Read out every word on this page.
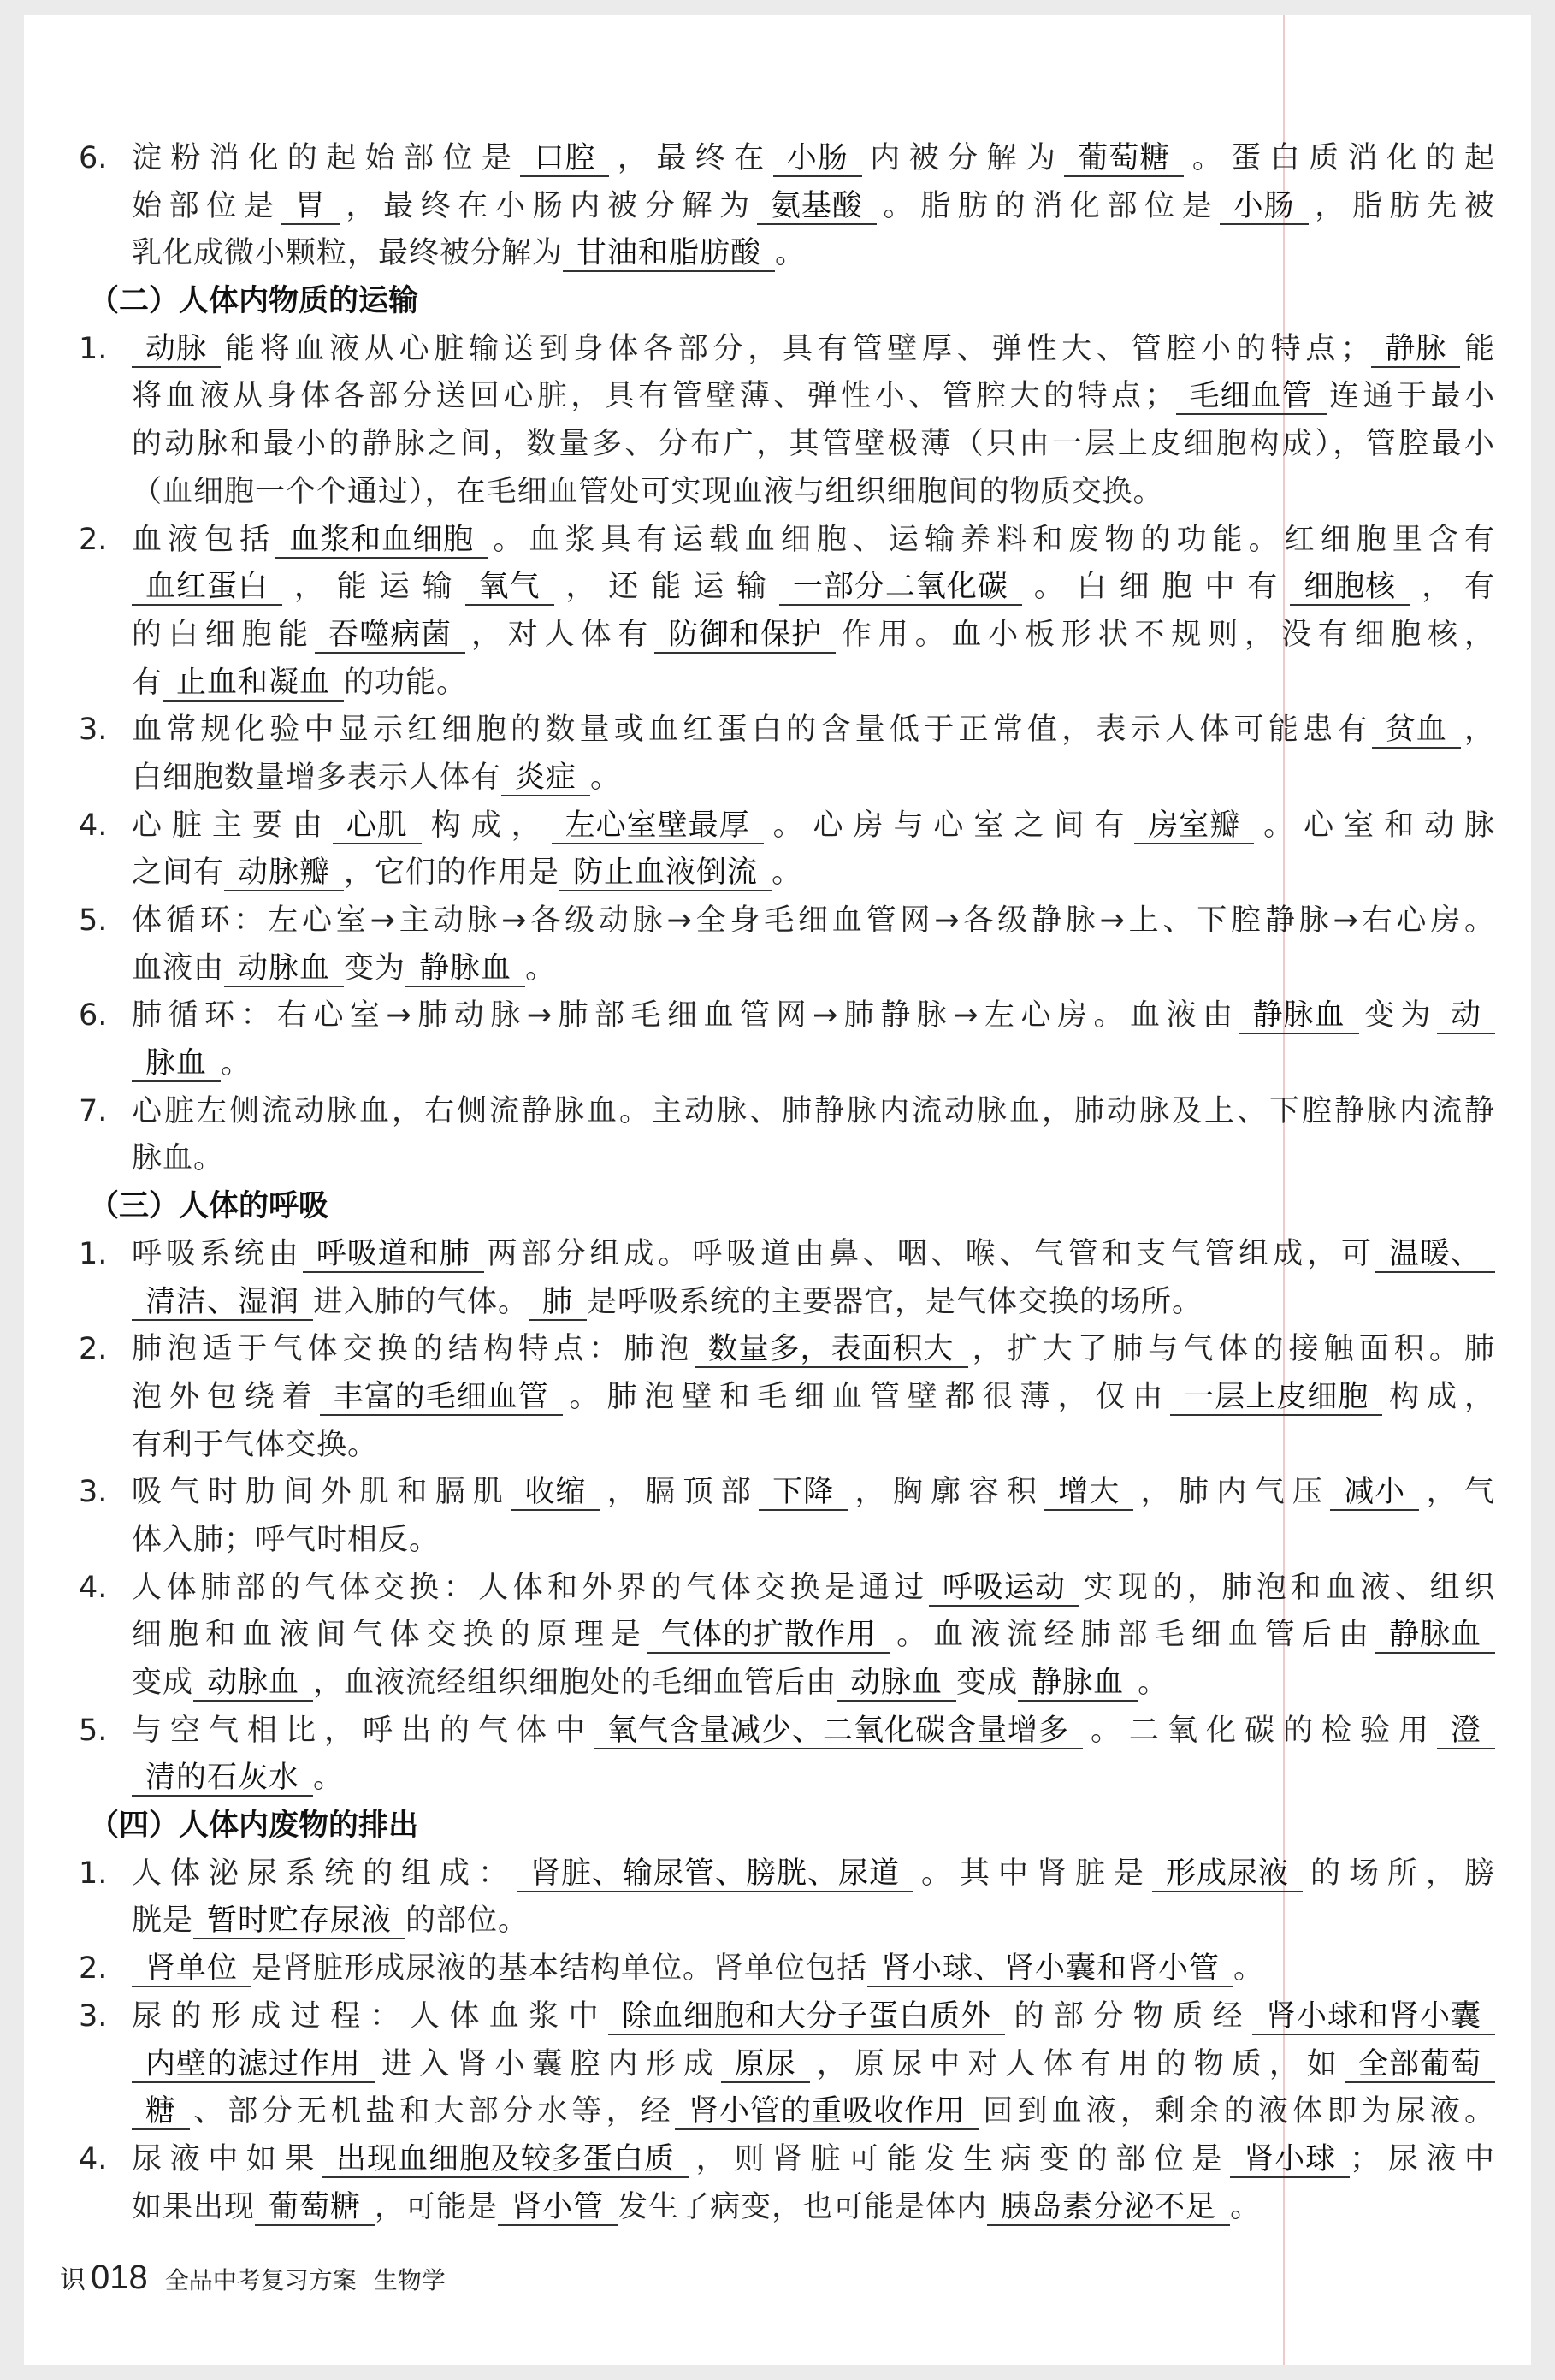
6. 淀粉消化的起始部位是 口腔 ，最终在 小肠 内被分解为 葡萄糖 。蛋白质消化的起
始部位是 胃 ，最终在小肠内被分解为 氨基酸 。脂肪的消化部位是 小肠 ，脂肪先被
乳化成微小颗粒，最终被分解为 甘油和脂肪酸 。
（二）人体内物质的运输
1.	动脉 能将血液从心脏输送到身体各部分，具有管壁厚、弹性大、管腔小的特点； 静脉 能
将血液从身体各部分送回心脏，具有管壁薄、弹性小、管腔大的特点； 毛细血管 连通于最小
的动脉和最小的静脉之间，数量多、分布广，其管壁极薄（只由一层上皮细胞构成），管腔最小
（血细胞一个个通过），在毛细血管处可实现血液与组织细胞间的物质交换。
2. 血液包括 血浆和血细胞 。血浆具有运载血细胞、运输养料和废物的功能。红细胞里含有
血红蛋白 ，能运输 氧气 ，还能运输 一部分二氧化碳 。白细胞中有 细胞核 ，有
的白细胞能 吞噬病菌 ，对人体有 防御和保护 作用。血小板形状不规则，没有细胞核，
有 止血和凝血 的功能。
3. 血常规化验中显示红细胞的数量或血红蛋白的含量低于正常值，表示人体可能患有 贫血 ，
白细胞数量增多表示人体有 炎症 。
4. 心脏主要由 心肌 构成， 左心室壁最厚 。心房与心室之间有 房室瓣 。心室和动脉
之间有 动脉瓣 ，它们的作用是 防止血液倒流 。
5. 体循环：左心室→主动脉→各级动脉→全身毛细血管网→各级静脉→上、下腔静脉→右心房。
血液由 动脉血 变为 静脉血 。
6. 肺循环：右心室→肺动脉→肺部毛细血管网→肺静脉→左心房。血液由 静脉血 变为 动
脉血 。
7. 心脏左侧流动脉血，右侧流静脉血。主动脉、肺静脉内流动脉血，肺动脉及上、下腔静脉内流静
脉血。
（三）人体的呼吸
1. 呼吸系统由 呼吸道和肺 两部分组成。呼吸道由鼻、咽、喉、气管和支气管组成，可 温暖、
清洁、湿润 进入肺的气体。 肺 是呼吸系统的主要器官，是气体交换的场所。
2. 肺泡适于气体交换的结构特点：肺泡 数量多，表面积大 ，扩大了肺与气体的接触面积。肺
泡外包绕着 丰富的毛细血管 。肺泡壁和毛细血管壁都很薄，仅由 一层上皮细胞 构成，
有利于气体交换。
3. 吸气时肋间外肌和膈肌 收缩 ，膈顶部 下降 ，胸廓容积 增大 ，肺内气压 减小 ，气
体入肺；呼气时相反。
4. 人体肺部的气体交换：人体和外界的气体交换是通过 呼吸运动 实现的，肺泡和血液、组织
细胞和血液间气体交换的原理是 气体的扩散作用 。血液流经肺部毛细血管后由 静脉血
变成 动脉血 ，血液流经组织细胞处的毛细血管后由 动脉血 变成 静脉血 。
5. 与空气相比，呼出的气体中 氧气含量减少、二氧化碳含量增多 。二氧化碳的检验用 澄
清的石灰水 。
（四）人体内废物的排出
1. 人体泌尿系统的组成： 肾脏、输尿管、膀胱、尿道 。其中肾脏是 形成尿液 的场所，膀
胱是 暂时贮存尿液 的部位。
2.	肾单位 是肾脏形成尿液的基本结构单位。肾单位包括 肾小球、肾小囊和肾小管 。
3. 尿的形成过程：人体血浆中 除血细胞和大分子蛋白质外 的部分物质经 肾小球和肾小囊
内壁的滤过作用 进入肾小囊腔内形成 原尿 ，原尿中对人体有用的物质，如 全部葡萄
糖 、部分无机盐和大部分水等，经 肾小管的重吸收作用 回到血液，剩余的液体即为尿液。
4. 尿液中如果 出现血细胞及较多蛋白质 ，则肾脏可能发生病变的部位是 肾小球 ；尿液中
如果出现 葡萄糖 ，可能是 肾小管 发生了病变，也可能是体内 胰岛素分泌不足 。
识 018 全品中考复习方案 生物学
